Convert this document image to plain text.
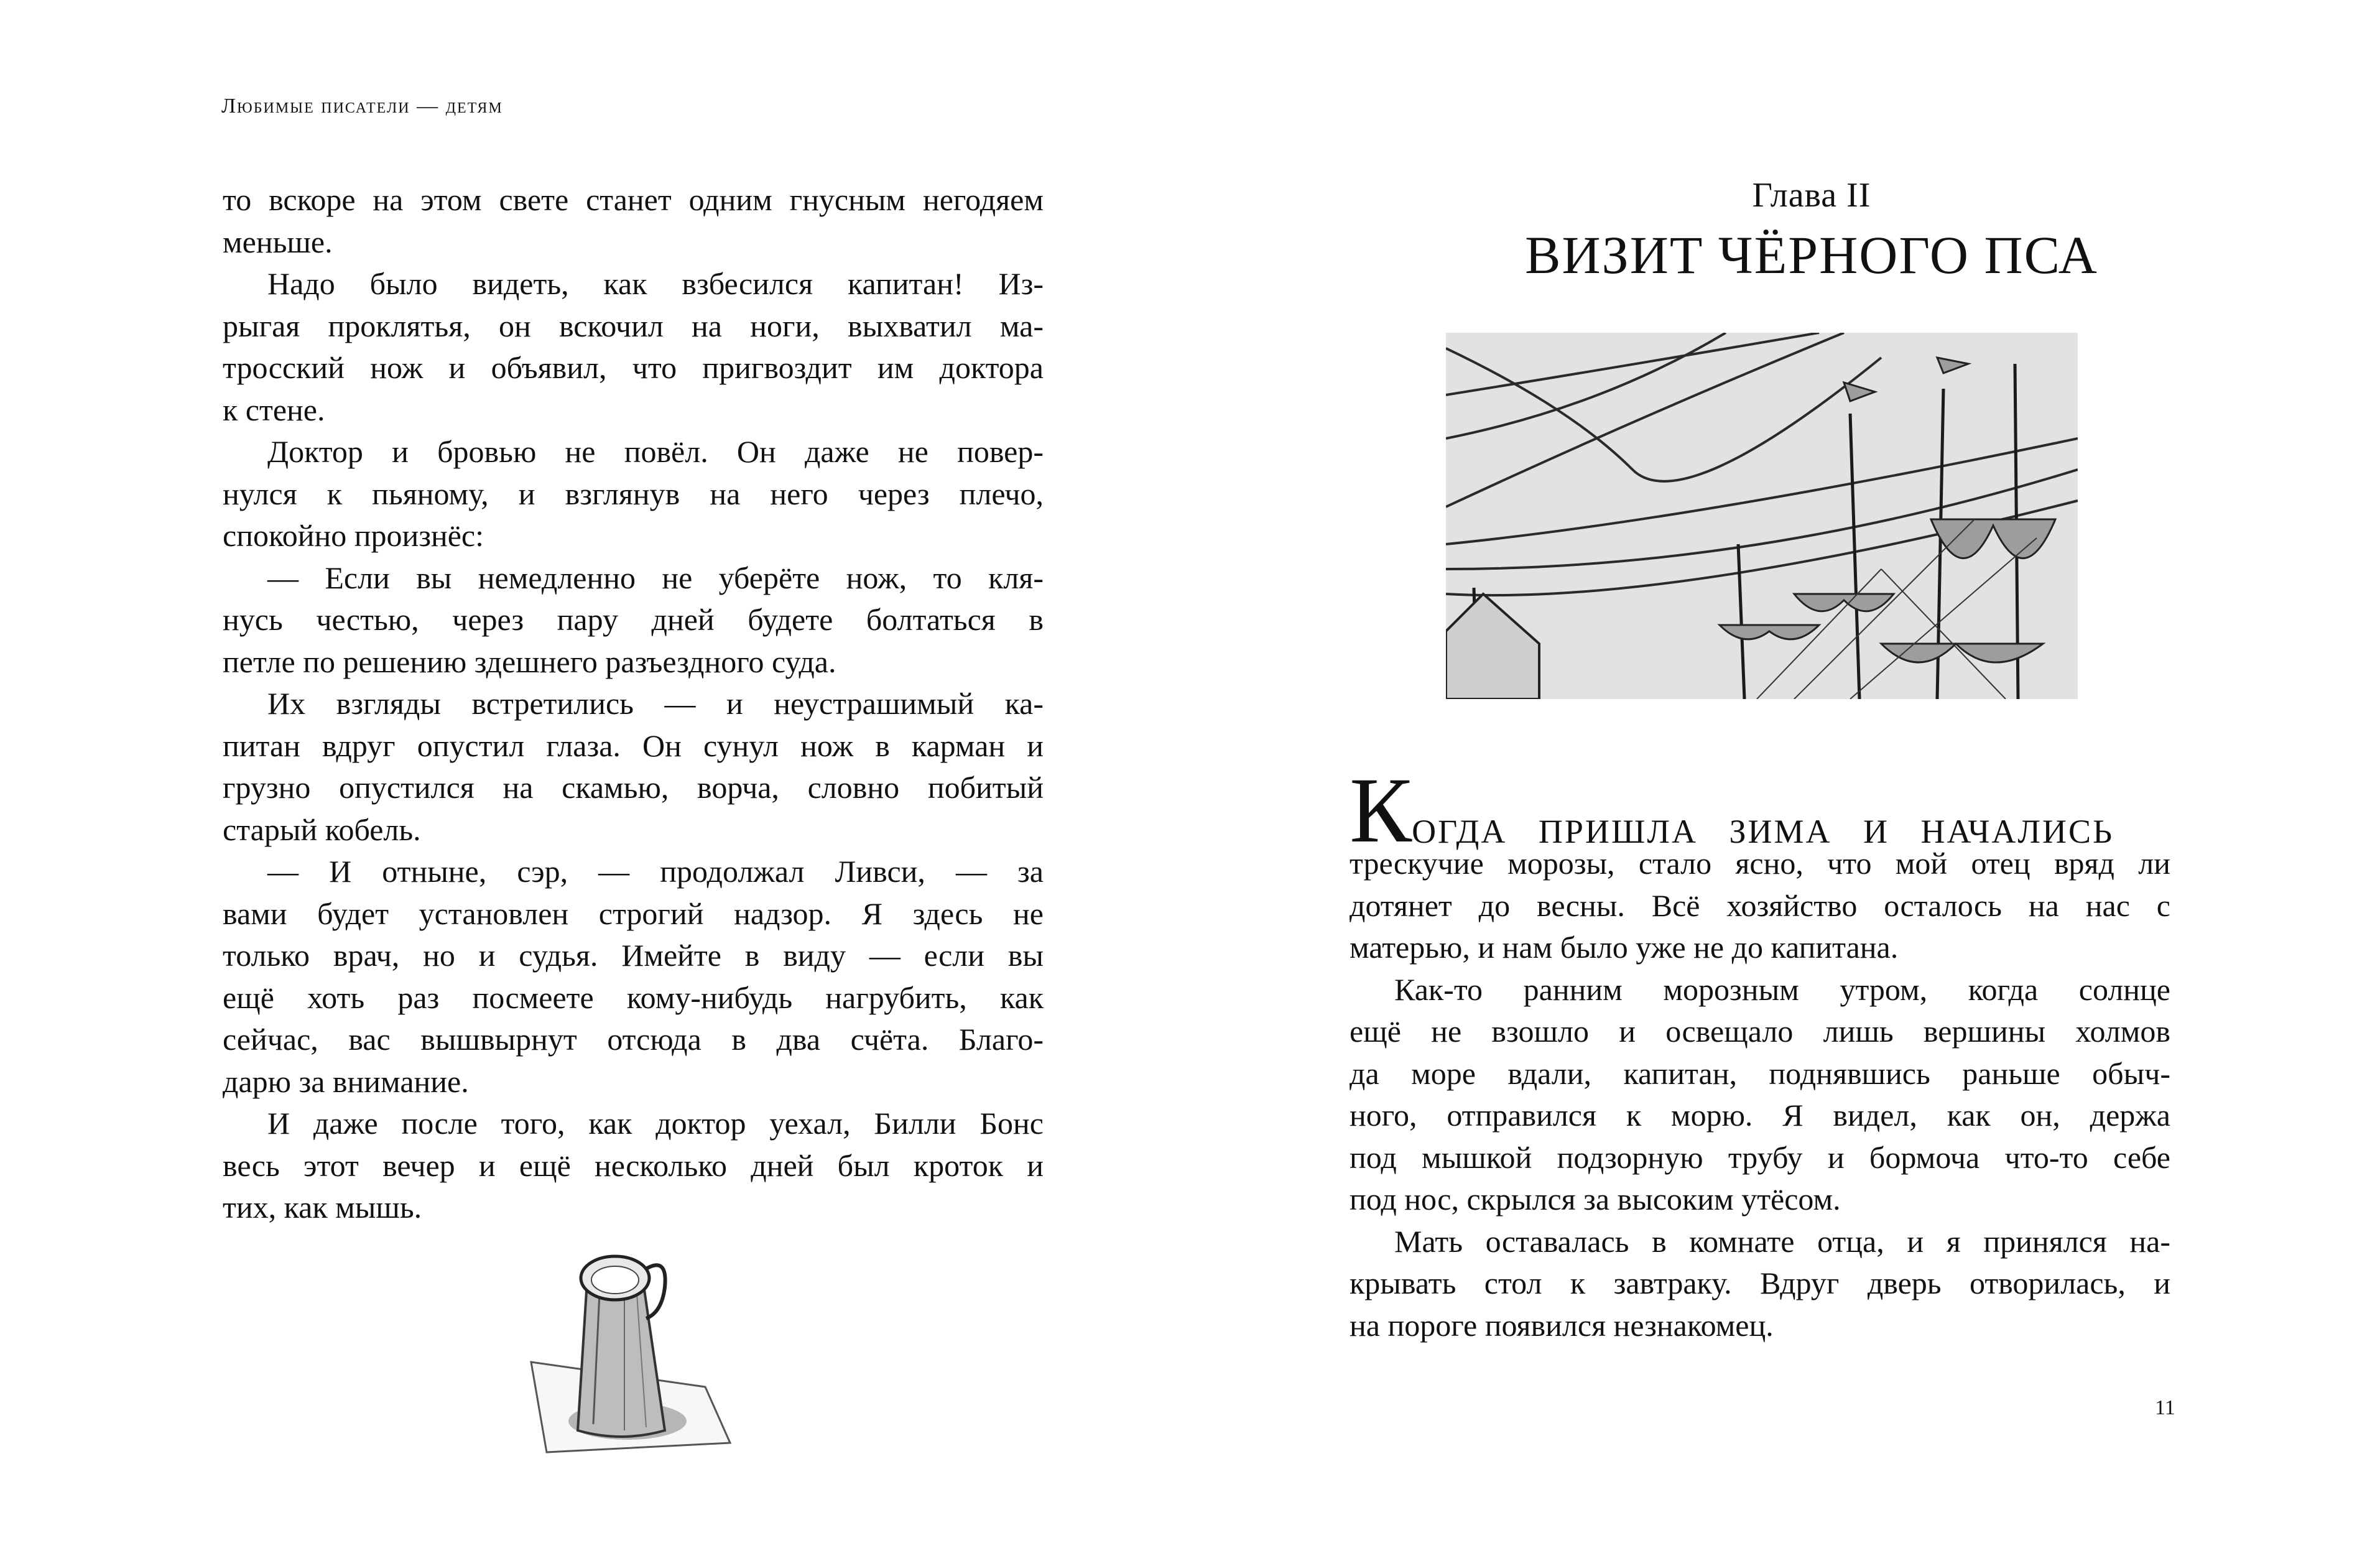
Любимые писатели — детям

то вскоре на этом свете станет одним гнусным негодяем
меньше.

Надо было видеть, как взбесился капитан! Из-
рыгая проклятья, он вскочил на ноги, выхватил ма-
тросский нож и объявил, что пригвоздит им доктора
к стене.

Доктор и бровью не повёл. Он даже не повер-
нулся к пьяному, и взглянув на него через плечо,
спокойно произнёс:

— Если вы немедленно не уберёте нож, то кля-
нусь честью, через пару дней будете болтаться в
петле по решению здешнего разъездного суда.

Их взгляды встретились — и неустрашимый ка-
питан вдруг опустил глаза. Он сунул нож в карман и
грузно опустился на скамью, ворча, словно побитый
старый кобель.

— И отныне, сэр, — продолжал Ливси, — за
вами будет установлен строгий надзор. Я здесь не
только врач, но и судья. Имейте в виду — если вы
ещё хоть раз посмеете кому-нибудь нагрубить, как
сейчас, вас вышвырнут отсюда в два счёта. Благо-
дарю за внимание.

И даже после того, как доктор уехал, Билли Бонс
весь этот вечер и ещё несколько дней был кроток и
тих, как мышь.

Глава II
ВИЗИТ ЧЁРНОГО ПСА
КОГДА ПРИШЛА ЗИМА И НАЧАЛИСЬ

трескучие морозы, стало ясно, что мой отец вряд ли
дотянет до весны. Всё хозяйство осталось на нас с
матерью, и нам было уже не до капитана.

Как-то ранним морозным утром, когда солнце
ещё не взошло и освещало лишь вершины холмов
да море вдали, капитан, поднявшись раньше обыч-
ного, отправился к морю. Я видел, как он, держа
под мышкой подзорную трубу и бормоча что-то себе
под нос, скрылся за высоким утёсом.

Мать оставалась в комнате отца, и я принялся на-
крывать стол к завтраку. Вдруг дверь отворилась, и
на пороге появился незнакомец.

11
